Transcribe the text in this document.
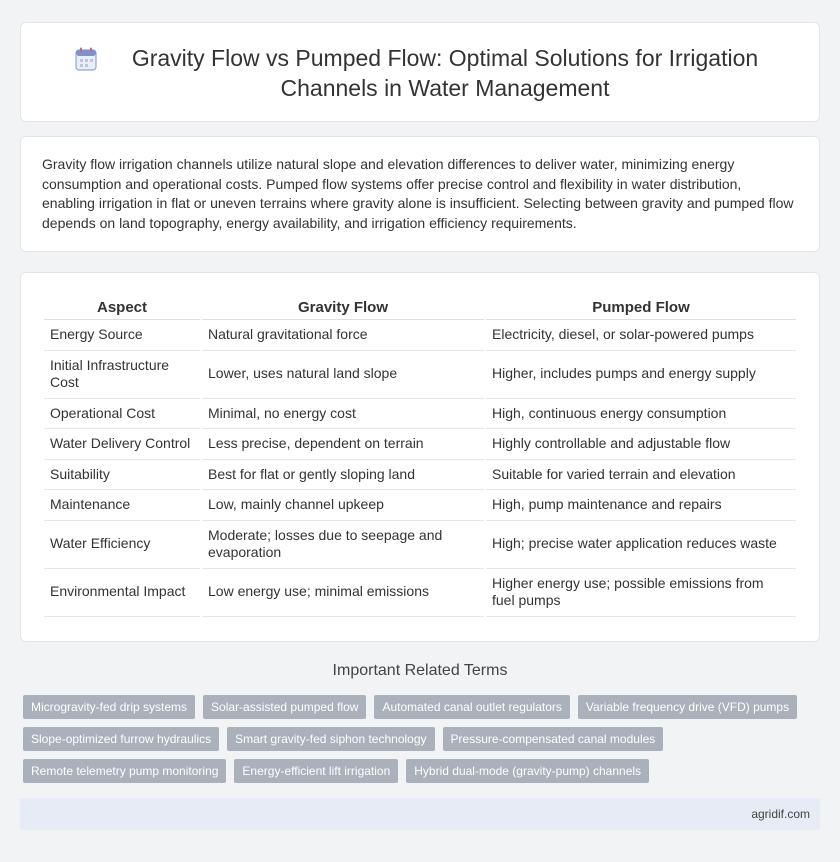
Gravity Flow vs Pumped Flow: Optimal Solutions for Irrigation Channels in Water Management

Gravity flow irrigation channels utilize natural slope and elevation differences to deliver water, minimizing energy consumption and operational costs. Pumped flow systems offer precise control and flexibility in water distribution, enabling irrigation in flat or uneven terrains where gravity alone is insufficient. Selecting between gravity and pumped flow depends on land topography, energy availability, and irrigation efficiency requirements.

Aspect	Gravity Flow	Pumped Flow
Energy Source	Natural gravitational force	Electricity, diesel, or solar-powered pumps
Initial Infrastructure Cost	Lower, uses natural land slope	Higher, includes pumps and energy supply
Operational Cost	Minimal, no energy cost	High, continuous energy consumption
Water Delivery Control	Less precise, dependent on terrain	Highly controllable and adjustable flow
Suitability	Best for flat or gently sloping land	Suitable for varied terrain and elevation
Maintenance	Low, mainly channel upkeep	High, pump maintenance and repairs
Water Efficiency	Moderate; losses due to seepage and evaporation	High; precise water application reduces waste
Environmental Impact	Low energy use; minimal emissions	Higher energy use; possible emissions from fuel pumps
Important Related Terms
Microgravity-fed drip systems	Solar-assisted pumped flow	Automated canal outlet regulators	Variable frequency drive (VFD) pumps
Slope-optimized furrow hydraulics	Smart gravity-fed siphon technology	Pressure-compensated canal modules
Remote telemetry pump monitoring	Energy-efficient lift irrigation	Hybrid dual-mode (gravity-pump) channels
agridif.com
